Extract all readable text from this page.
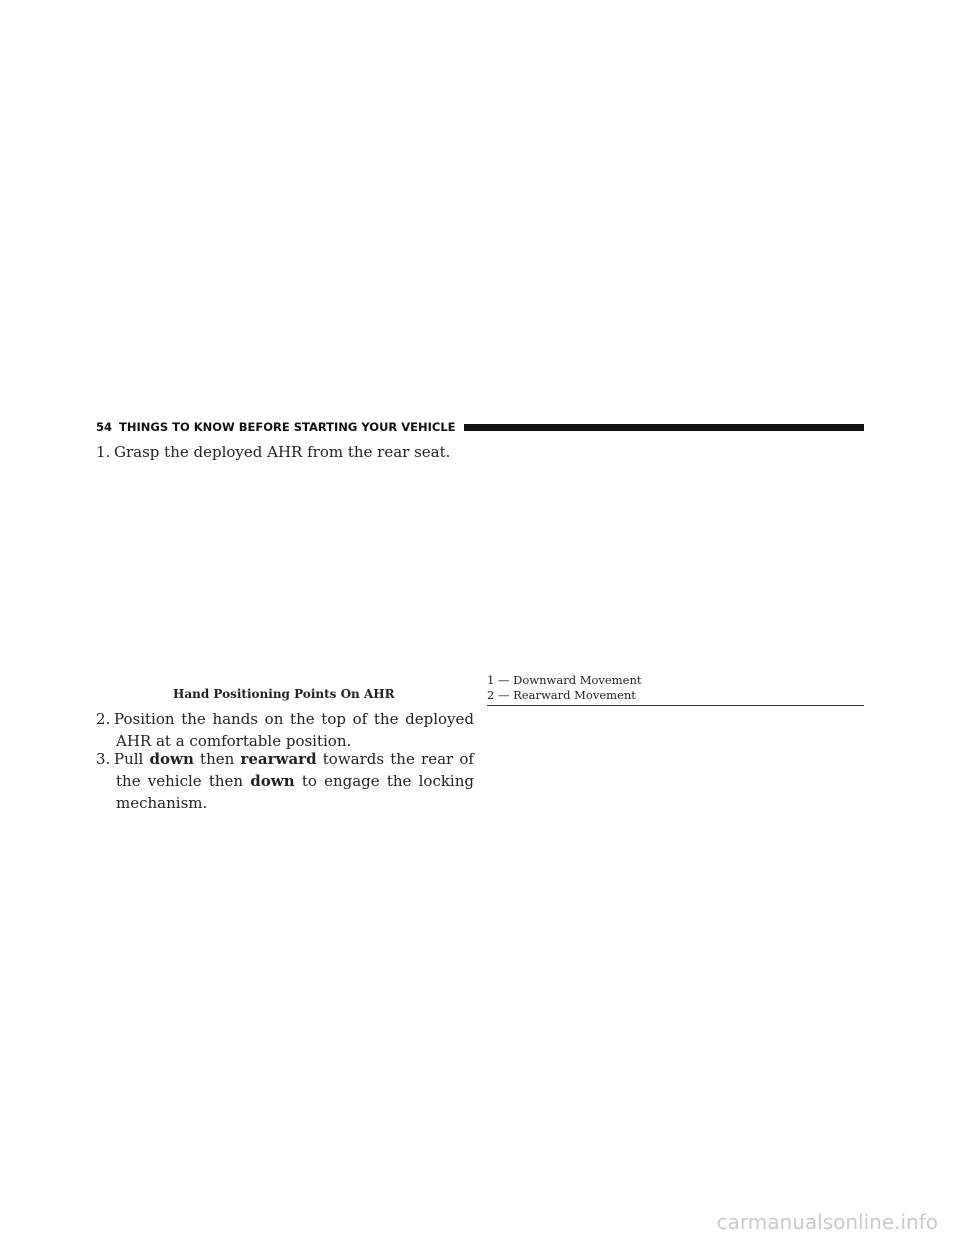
54 THINGS TO KNOW BEFORE STARTING YOUR VEHICLE
1. Grasp the deployed AHR from the rear seat.
Hand Positioning Points On AHR
1 — Downward Movement
2 — Rearward Movement
2. Position the hands on the top of the deployed AHR at a comfortable position.
3. Pull down then rearward towards the rear of the vehicle then down to engage the locking mechanism.
carmanualsonline.info
